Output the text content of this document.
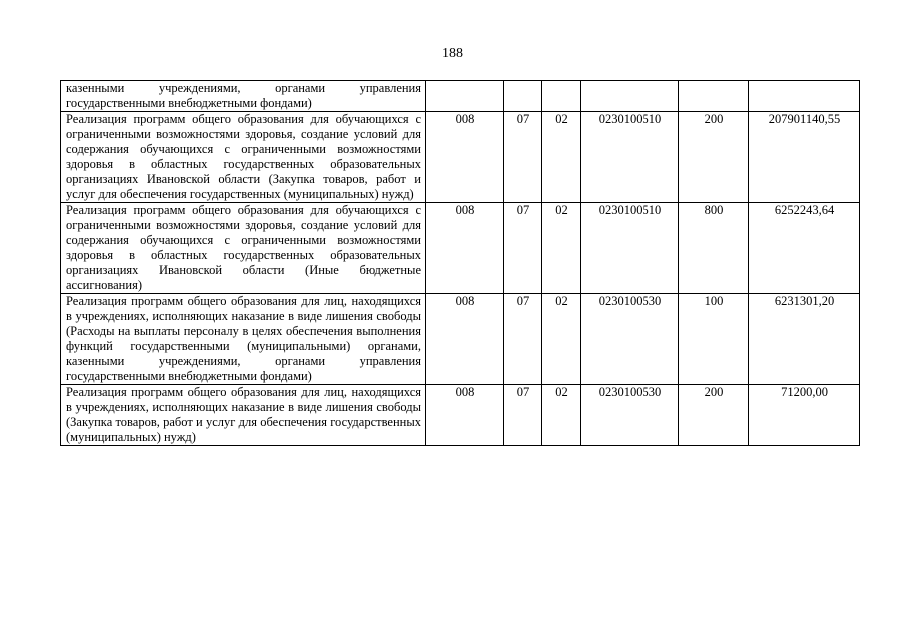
188
казенными учреждениями, органами управления государственными внебюджетными фондами)						
Реализация программ общего образования для обучающихся с ограниченными возможностями здоровья, создание условий для содержания обучающихся с ограниченными возможностями здоровья в областных государственных образовательных организациях Ивановской области (Закупка товаров, работ и услуг для обеспечения государственных (муниципальных) нужд)	008	07	02	0230100510	200	207901140,55
Реализация программ общего образования для обучающихся с ограниченными возможностями здоровья, создание условий для содержания обучающихся с ограниченными возможностями здоровья в областных государственных образовательных организациях Ивановской области (Иные бюджетные ассигнования)	008	07	02	0230100510	800	6252243,64
Реализация программ общего образования для лиц, находящихся в учреждениях, исполняющих наказание в виде лишения свободы (Расходы на выплаты персоналу в целях обеспечения выполнения функций государственными (муниципальными) органами, казенными учреждениями, органами управления государственными внебюджетными фондами)	008	07	02	0230100530	100	6231301,20
Реализация программ общего образования для лиц, находящихся в учреждениях, исполняющих наказание в виде лишения свободы (Закупка товаров, работ и услуг для обеспечения государственных (муниципальных) нужд)	008	07	02	0230100530	200	71200,00
